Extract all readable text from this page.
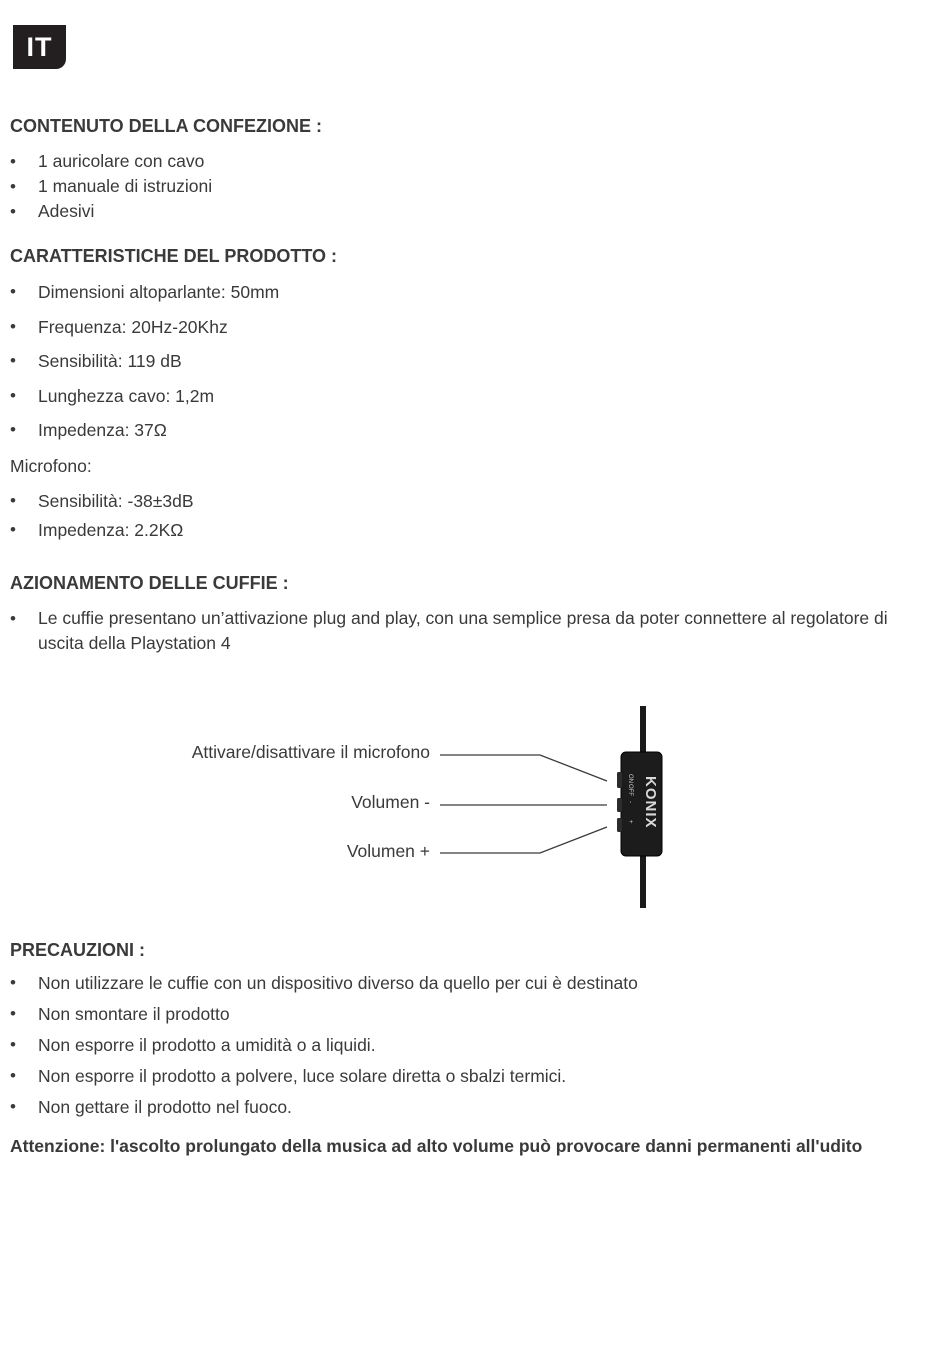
IT
CONTENUTO DELLA CONFEZIONE :
• 1 auricolare con cavo
• 1 manuale di istruzioni
• Adesivi
CARATTERISTICHE DEL PRODOTTO :
• Dimensioni altoparlante: 50mm
• Frequenza: 20Hz-20Khz
• Sensibilità: 119 dB
• Lunghezza cavo: 1,2m
• Impedenza: 37Ω

Microfono:

• Sensibilità: -38±3dB
• Impedenza: 2.2KΩ
AZIONAMENTO DELLE CUFFIE :
• Le cuffie presentano un’attivazione plug and play, con una semplice presa da poter connettere al regolatore di uscita della Playstation 4
Attivare/disattivare il microfono
Volumen -
Volumen +
ON
OFF
-
+ KONIX
PRECAUZIONI :
• Non utilizzare le cuffie con un dispositivo diverso da quello per cui è destinato
• Non smontare il prodotto
• Non esporre il prodotto a umidità o a liquidi.
• Non esporre il prodotto a polvere, luce solare diretta o sbalzi termici.
• Non gettare il prodotto nel fuoco.

Attenzione: l'ascolto prolungato della musica ad alto volume può provocare danni permanenti all'udito
